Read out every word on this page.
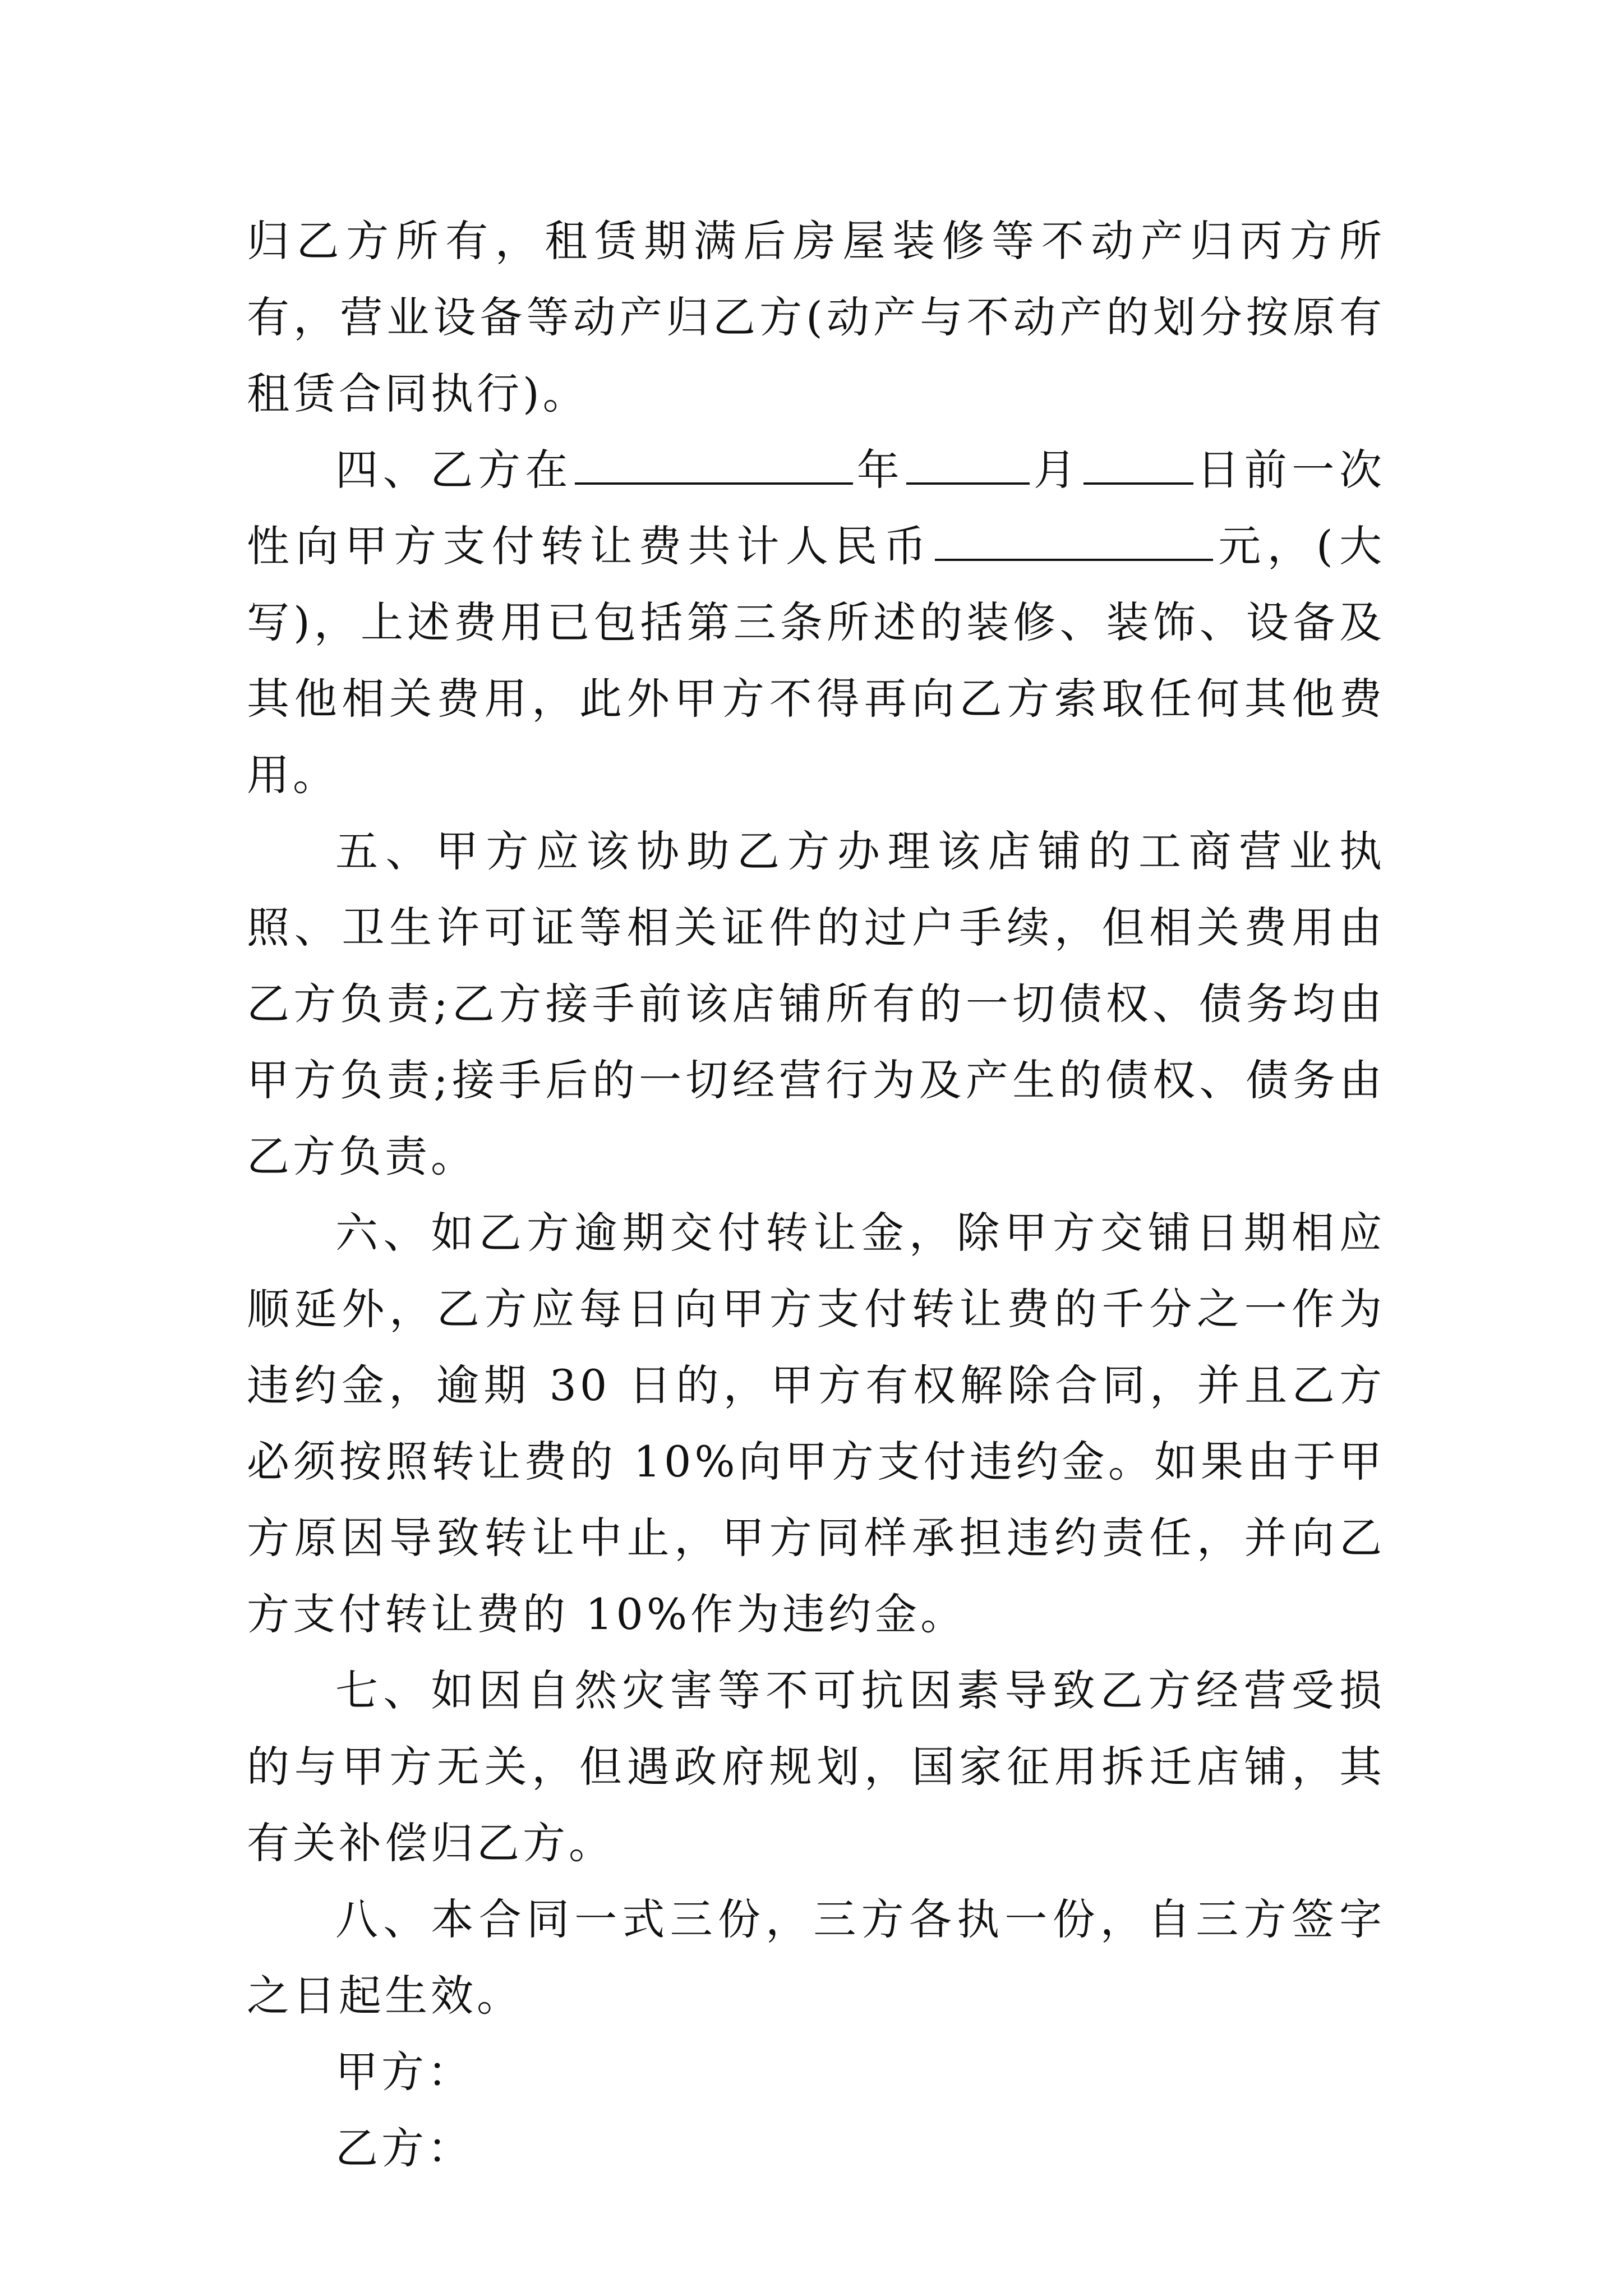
归乙方所有，租赁期满后房屋装修等不动产归丙方所有，营业设备等动产归乙方(动产与不动产的划分按原有租赁合同执行)。

四、乙方在	年	月	日前一次性向甲方支付转让费共计人民币	元，(大写)，上述费用已包括第三条所述的装修、装饰、设备及其他相关费用，此外甲方不得再向乙方索取任何其他费用。

五、甲方应该协助乙方办理该店铺的工商营业执照、卫生许可证等相关证件的过户手续，但相关费用由乙方负责;乙方接手前该店铺所有的一切债权、债务均由甲方负责;接手后的一切经营行为及产生的债权、债务由乙方负责。

六、如乙方逾期交付转让金，除甲方交铺日期相应顺延外，乙方应每日向甲方支付转让费的千分之一作为违约金，逾期 30 日的，甲方有权解除合同，并且乙方必须按照转让费的 10%向甲方支付违约金。如果由于甲方原因导致转让中止，甲方同样承担违约责任，并向乙方支付转让费的 10%作为违约金。

七、如因自然灾害等不可抗因素导致乙方经营受损的与甲方无关，但遇政府规划，国家征用拆迁店铺，其有关补偿归乙方。

八、本合同一式三份，三方各执一份，自三方签字之日起生效。

甲方：

乙方：
